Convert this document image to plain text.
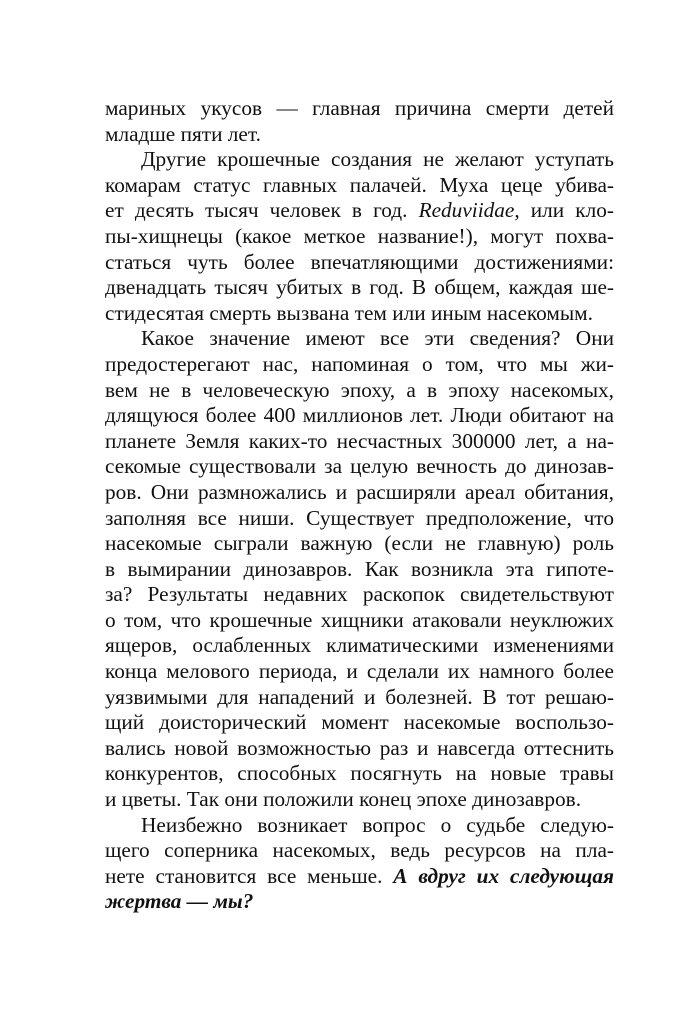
мариных укусов — главная причина смерти детей
младше пяти лет.
Другие крошечные создания не желают уступать
комарам статус главных палачей. Муха цеце убива-
ет десять тысяч человек в год. Reduviidae, или кло-
пы-хищнецы (какое меткое название!), могут похва-
статься чуть более впечатляющими достижениями:
двенадцать тысяч убитых в год. В общем, каждая ше-
стидесятая смерть вызвана тем или иным насекомым.
Какое значение имеют все эти сведения? Они
предостерегают нас, напоминая о том, что мы жи-
вем не в человеческую эпоху, а в эпоху насекомых,
длящуюся более 400 миллионов лет. Люди обитают на
планете Земля каких-то несчастных 300000 лет, а на-
секомые существовали за целую вечность до динозав-
ров. Они размножались и расширяли ареал обитания,
заполняя все ниши. Существует предположение, что
насекомые сыграли важную (если не главную) роль
в вымирании динозавров. Как возникла эта гипоте-
за? Результаты недавних раскопок свидетельствуют
о том, что крошечные хищники атаковали неуклюжих
ящеров, ослабленных климатическими изменениями
конца мелового периода, и сделали их намного более
уязвимыми для нападений и болезней. В тот решаю-
щий доисторический момент насекомые воспользо-
вались новой возможностью раз и навсегда оттеснить
конкурентов, способных посягнуть на новые травы
и цветы. Так они положили конец эпохе динозавров.
Неизбежно возникает вопрос о судьбе следую-
щего соперника насекомых, ведь ресурсов на пла-
нете становится все меньше. А вдруг их следующая
жертва — мы?
